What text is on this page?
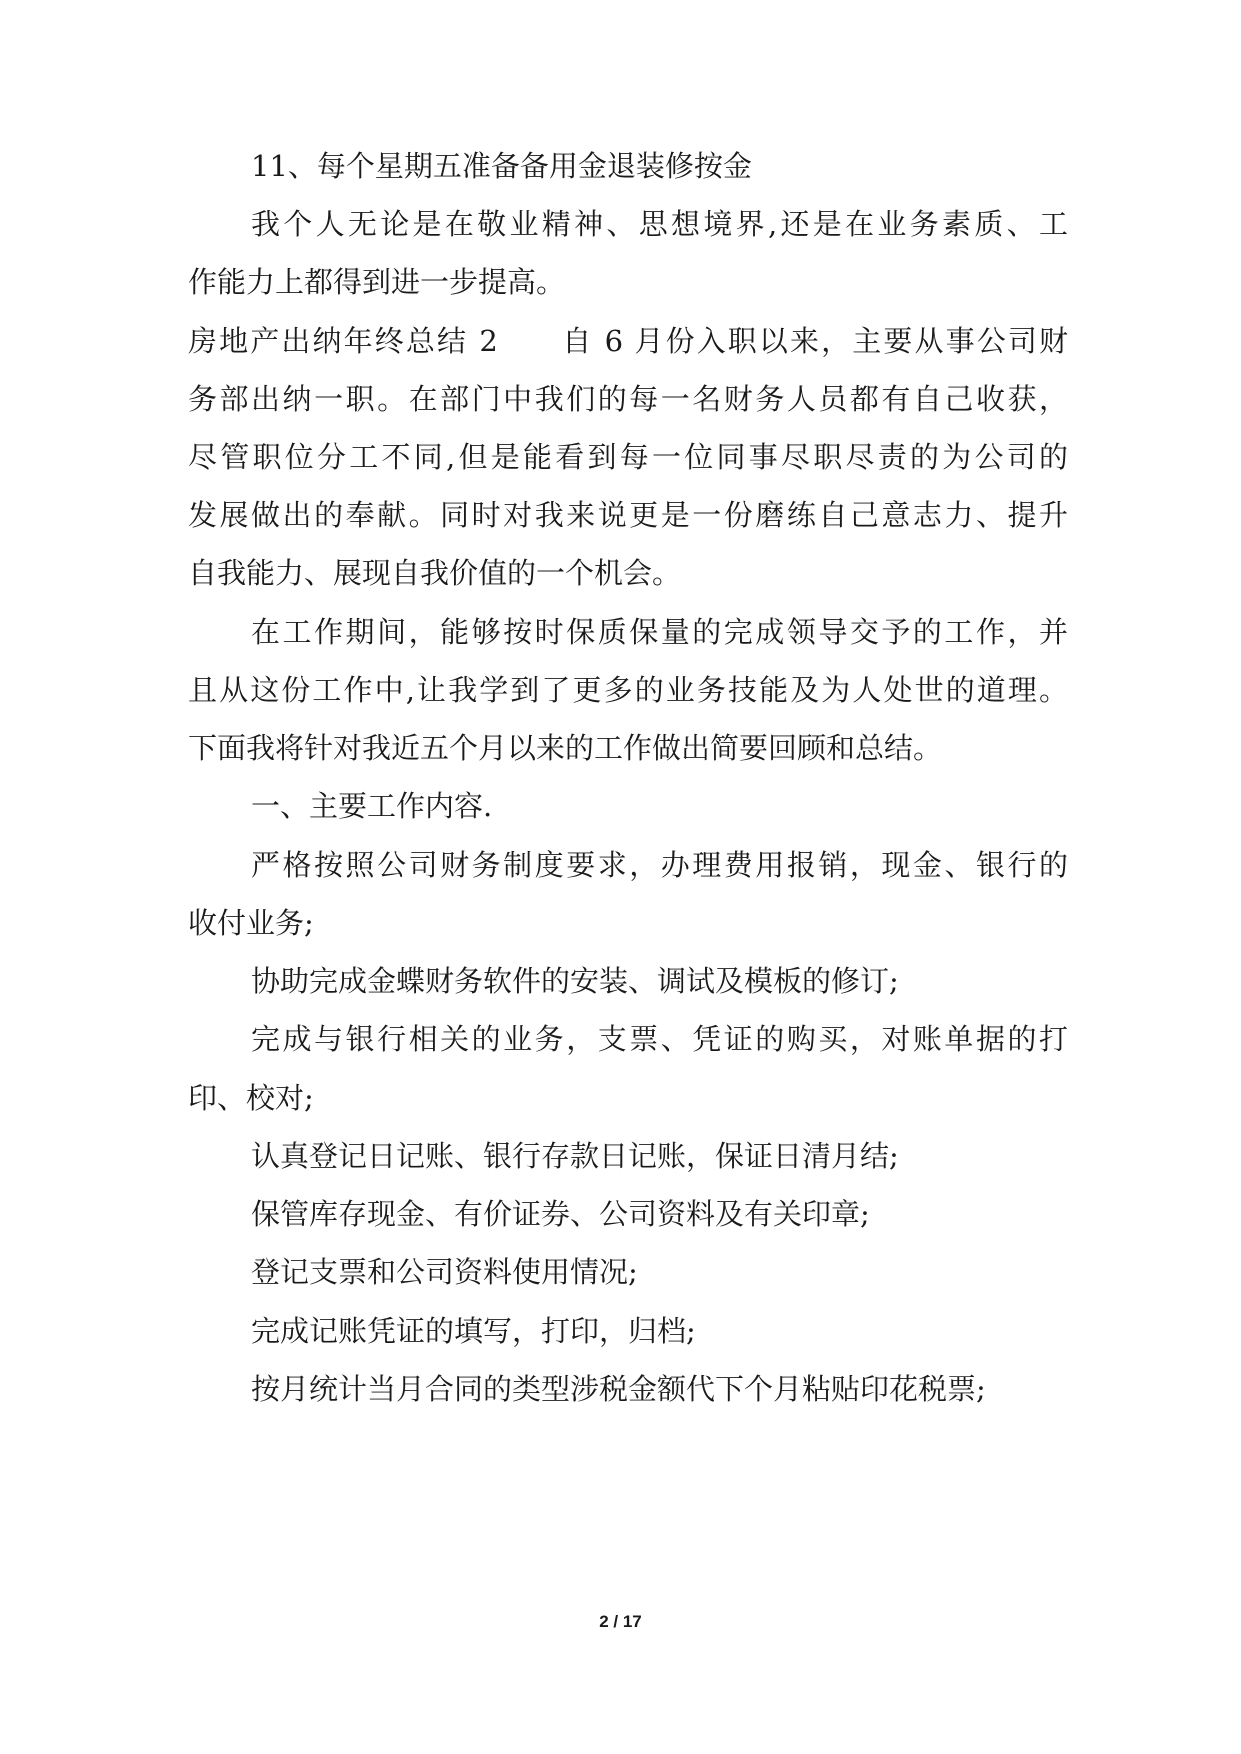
11、每个星期五准备备用金退装修按金
我个人无论是在敬业精神、思想境界,还是在业务素质、工
作能力上都得到进一步提高。
房地产出纳年终总结 2　　自 6 月份入职以来，主要从事公司财
务部出纳一职。在部门中我们的每一名财务人员都有自己收获，
尽管职位分工不同,但是能看到每一位同事尽职尽责的为公司的
发展做出的奉献。同时对我来说更是一份磨练自己意志力、提升
自我能力、展现自我价值的一个机会。
在工作期间，能够按时保质保量的完成领导交予的工作，并
且从这份工作中,让我学到了更多的业务技能及为人处世的道理。
下面我将针对我近五个月以来的工作做出简要回顾和总结。
一、主要工作内容.
严格按照公司财务制度要求，办理费用报销，现金、银行的
收付业务;
协助完成金蝶财务软件的安装、调试及模板的修订;
完成与银行相关的业务，支票、凭证的购买，对账单据的打
印、校对;
认真登记日记账、银行存款日记账，保证日清月结;
保管库存现金、有价证券、公司资料及有关印章;
登记支票和公司资料使用情况;
完成记账凭证的填写，打印，归档;
按月统计当月合同的类型涉税金额代下个月粘贴印花税票;
2 / 17
